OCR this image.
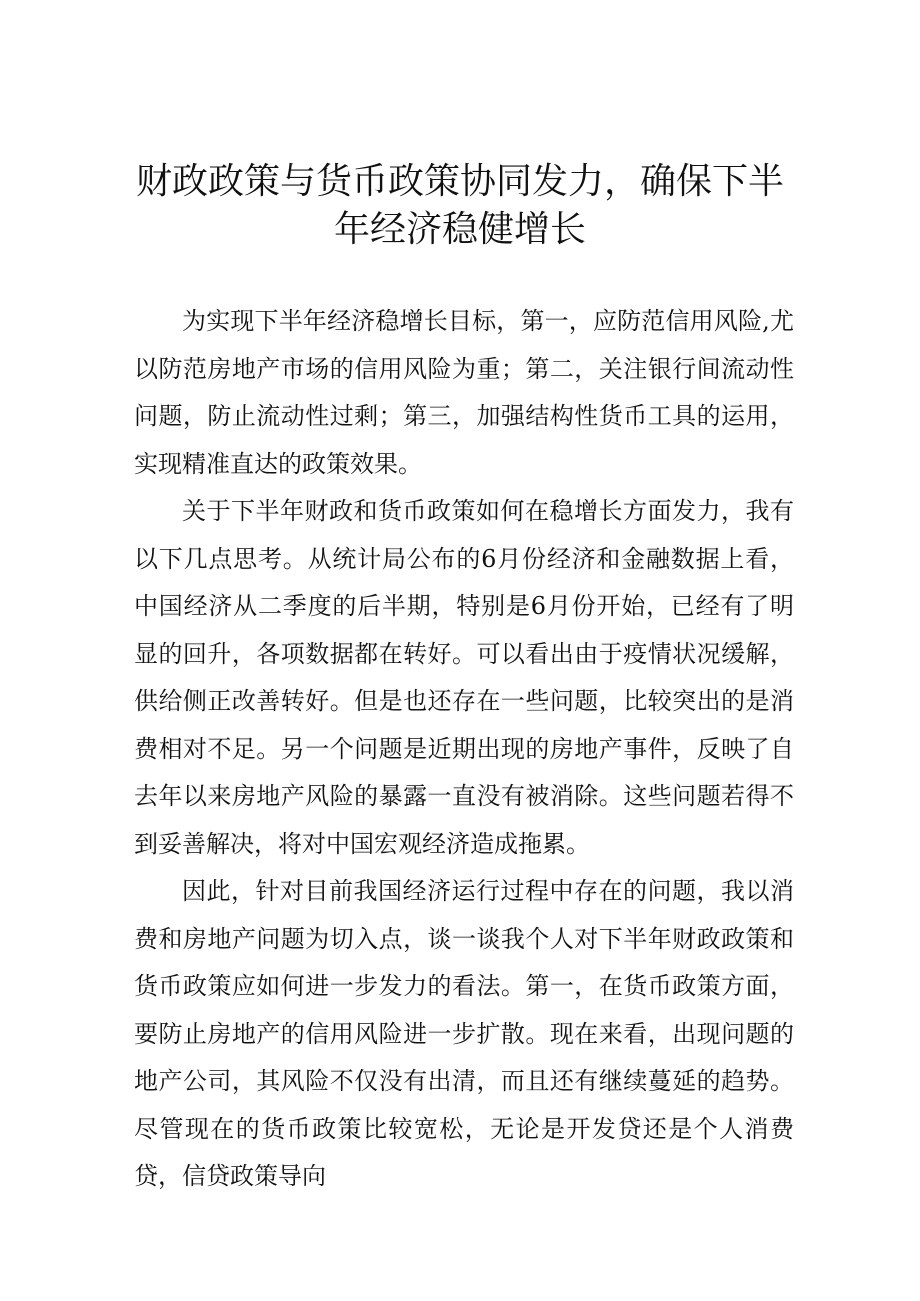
财政政策与货币政策协同发力，确保下半
年经济稳健增长

为实现下半年经济稳增长目标，第一，应防范信用风险,尤以防范房地产市场的信用风险为重；第二，关注银行间流动性问题，防止流动性过剩；第三，加强结构性货币工具的运用，实现精准直达的政策效果。

关于下半年财政和货币政策如何在稳增长方面发力，我有以下几点思考。从统计局公布的6月份经济和金融数据上看，中国经济从二季度的后半期，特别是6月份开始，已经有了明显的回升，各项数据都在转好。可以看出由于疫情状况缓解，供给侧正改善转好。但是也还存在一些问题，比较突出的是消费相对不足。另一个问题是近期出现的房地产事件，反映了自去年以来房地产风险的暴露一直没有被消除。这些问题若得不到妥善解决，将对中国宏观经济造成拖累。

因此，针对目前我国经济运行过程中存在的问题，我以消费和房地产问题为切入点，谈一谈我个人对下半年财政政策和货币政策应如何进一步发力的看法。第一，在货币政策方面，要防止房地产的信用风险进一步扩散。现在来看，出现问题的地产公司，其风险不仅没有出清，而且还有继续蔓延的趋势。尽管现在的货币政策比较宽松，无论是开发贷还是个人消费贷，信贷政策导向
